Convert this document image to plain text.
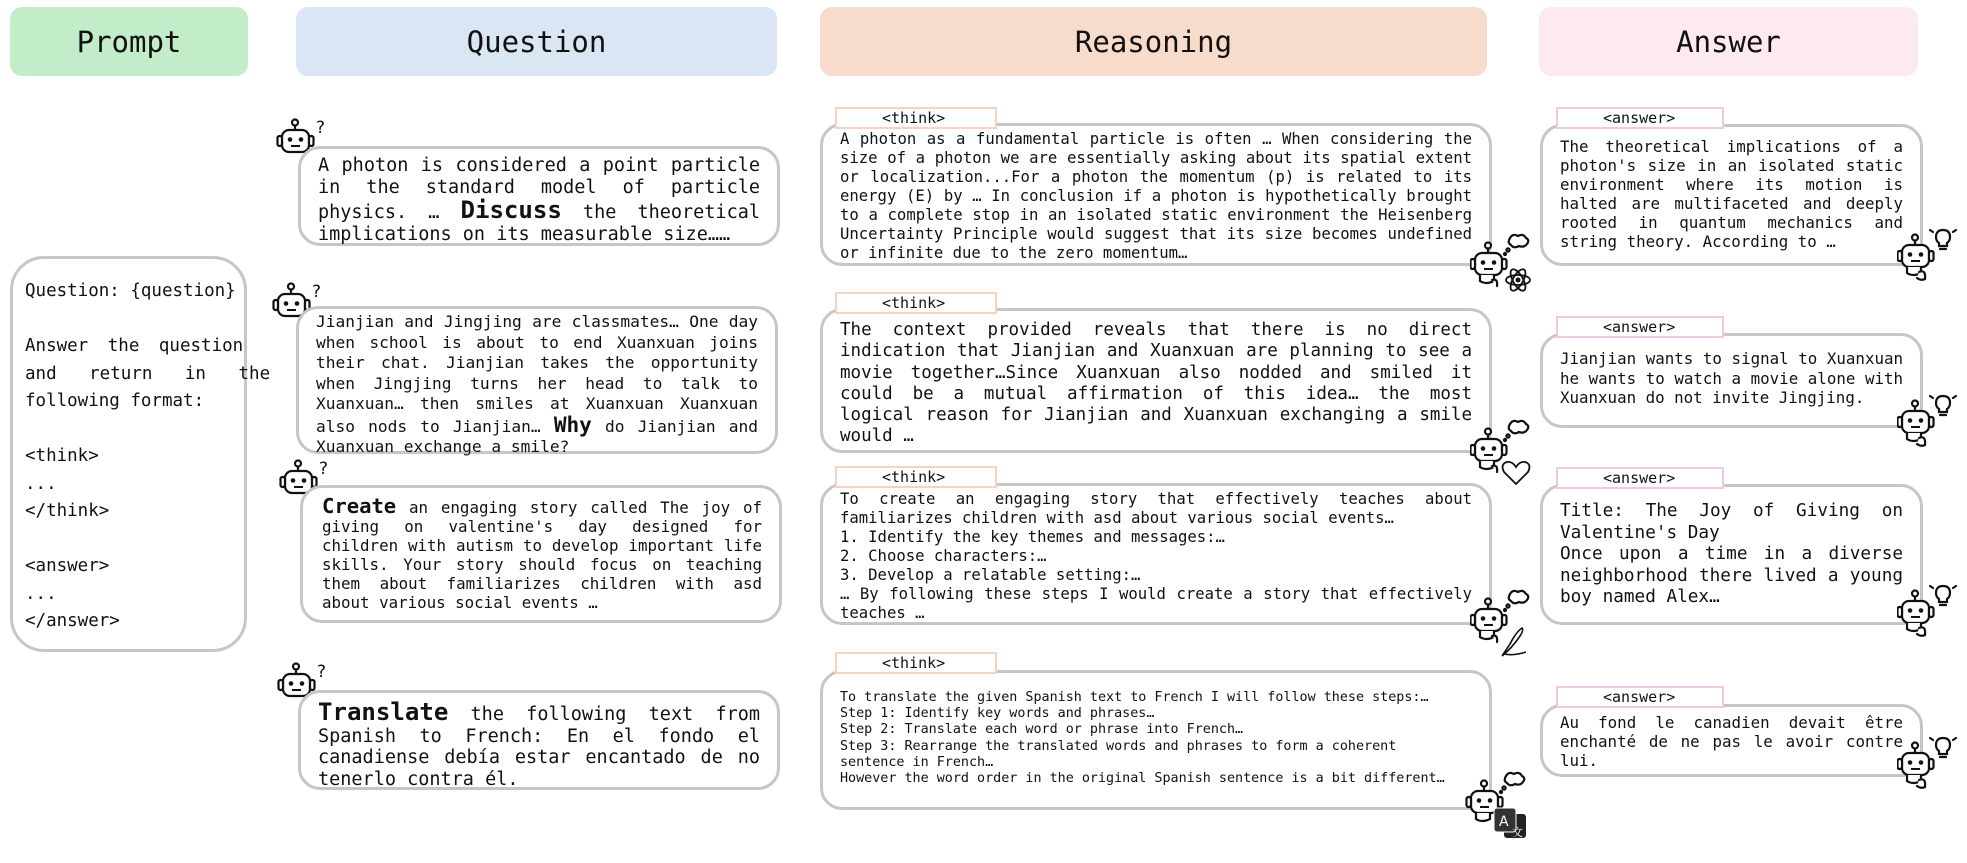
Prompt	Question	Reasoning	Answer
Question: {question}
Answer the question
and return in the
following format:
<think>
...
</think>
<answer>
...
</answer>
?
?
?
?
A photon is considered a point particle in the standard model of particle physics. … Discuss the theoretical implications on its measurable size……
Jianjian and Jingjing are classmates… One day when school is about to end Xuanxuan joins their chat. Jianjian takes the opportunity when Jingjing turns her head to talk to Xuanxuan… then smiles at Xuanxuan Xuanxuan also nods to Jianjian… Why do Jianjian and Xuanxuan exchange a smile?
Create an engaging story called The joy of giving on valentine's day designed for children with autism to develop important life skills. Your story should focus on teaching them about familiarizes children with asd about various social events …
Translate the following text from Spanish to French: En el fondo el canadiense debía estar encantado de no tenerlo contra él.
A photon as a fundamental particle is often … When considering the size of a photon we are essentially asking about its spatial extent or localization...For a photon the momentum (p) is related to its energy (E) by … In conclusion if a photon is hypothetically brought to a complete stop in an isolated static environment the Heisenberg Uncertainty Principle would suggest that its size becomes undefined or infinite due to the zero momentum…
<think>
The context provided reveals that there is no direct indication that Jianjian and Xuanxuan are planning to see a movie together…Since Xuanxuan also nodded and smiled it could be a mutual affirmation of this idea… the most logical reason for Jianjian and Xuanxuan exchanging a smile would …
<think>
To create an engaging story that effectively teaches about familiarizes children with asd about various social events…
1. Identify the key themes and messages:…
2. Choose characters:…
3. Develop a relatable setting:…
… By following these steps I would create a story that effectively teaches …
<think>
To translate the given Spanish text to French I will follow these steps:…
Step 1: Identify key words and phrases…
Step 2: Translate each word or phrase into French…
Step 3: Rearrange the translated words and phrases to form a coherent
sentence in French…
However the word order in the original Spanish sentence is a bit different…
<think>
A
文
The theoretical implications of a photon's size in an isolated static environment where its motion is halted are multifaceted and deeply rooted in quantum mechanics and string theory. According to …
<answer>
Jianjian wants to signal to Xuanxuan he wants to watch a movie alone with Xuanxuan do not invite Jingjing.
<answer>
Title: The Joy of Giving on Valentine's Day
Once upon a time in a diverse neighborhood there lived a young boy named Alex…
<answer>
Au fond le canadien devait être enchanté de ne pas le avoir contre lui.
<answer>
